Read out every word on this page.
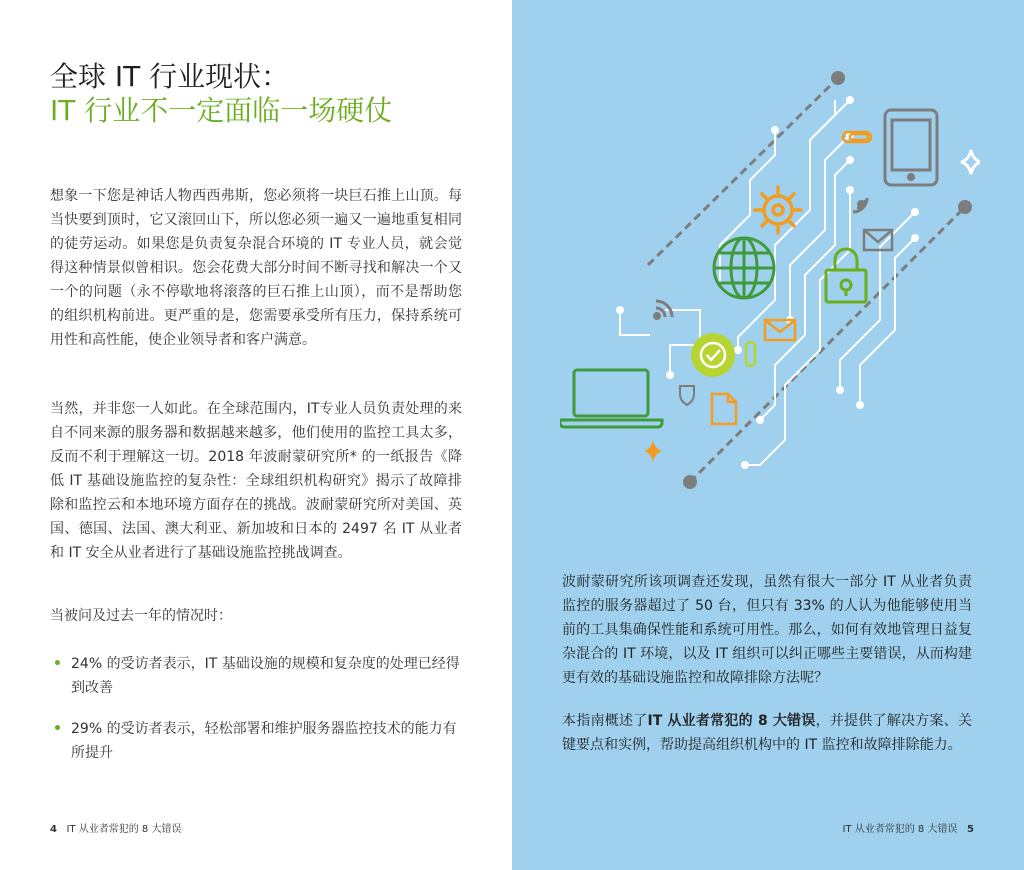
全球 IT 行业现状：
IT 行业不一定面临一场硬仗

想象一下您是神话人物西西弗斯，您必须将一块巨石推上山顶。每当快要到顶时，它又滚回山下，所以您必须一遍又一遍地重复相同的徒劳运动。如果您是负责复杂混合环境的 IT 专业人员，就会觉得这种情景似曾相识。您会花费大部分时间不断寻找和解决一个又一个的问题（永不停歇地将滚落的巨石推上山顶），而不是帮助您的组织机构前进。更严重的是，您需要承受所有压力，保持系统可用性和高性能，使企业领导者和客户满意。

当然，并非您一人如此。在全球范围内，IT专业人员负责处理的来自不同来源的服务器和数据越来越多，他们使用的监控工具太多，反而不利于理解这一切。2018 年波耐蒙研究所* 的一纸报告《降低 IT 基础设施监控的复杂性：全球组织机构研究》揭示了故障排除和监控云和本地环境方面存在的挑战。波耐蒙研究所对美国、英国、德国、法国、澳大利亚、新加坡和日本的 2497 名 IT 从业者和 IT 安全从业者进行了基础设施监控挑战调查。

当被问及过去一年的情况时：

• 24% 的受访者表示，IT 基础设施的规模和复杂度的处理已经得到改善
• 29% 的受访者表示，轻松部署和维护服务器监控技术的能力有所提升
4 IT 从业者常犯的 8 大错误

波耐蒙研究所该项调查还发现，虽然有很大一部分 IT 从业者负责监控的服务器超过了 50 台，但只有 33% 的人认为他能够使用当前的工具集确保性能和系统可用性。那么，如何有效地管理日益复杂混合的 IT 环境，以及 IT 组织可以纠正哪些主要错误，从而构建更有效的基础设施监控和故障排除方法呢？

本指南概述了IT 从业者常犯的 8 大错误，并提供了解决方案、关键要点和实例，帮助提高组织机构中的 IT 监控和故障排除能力。

IT 从业者常犯的 8 大错误 5
